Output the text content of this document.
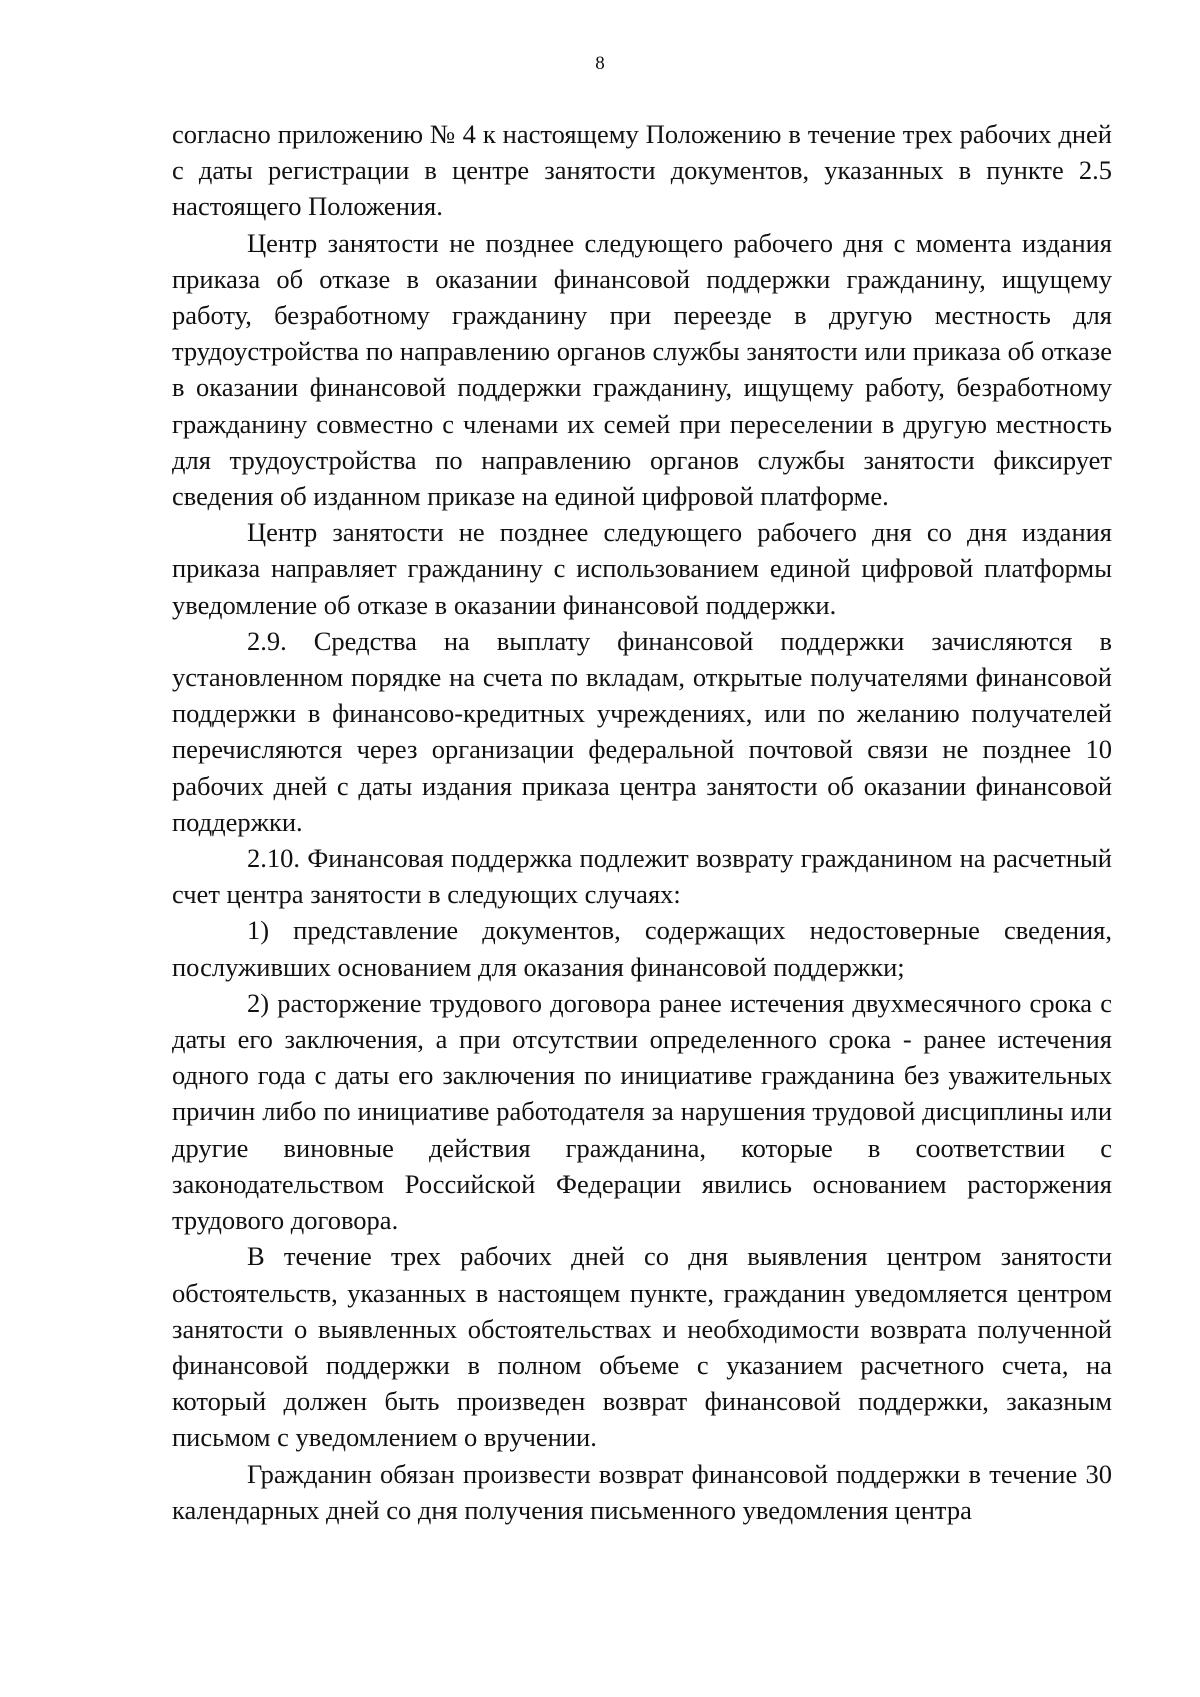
8

согласно приложению № 4 к настоящему Положению в течение трех рабочих дней с даты регистрации в центре занятости документов, указанных в пункте 2.5 настоящего Положения.

Центр занятости не позднее следующего рабочего дня с момента издания приказа об отказе в оказании финансовой поддержки гражданину, ищущему работу, безработному гражданину при переезде в другую местность для трудоустройства по направлению органов службы занятости или приказа об отказе в оказании финансовой поддержки гражданину, ищущему работу, безработному гражданину совместно с членами их семей при переселении в другую местность для трудоустройства по направлению органов службы занятости фиксирует сведения об изданном приказе на единой цифровой платформе.

Центр занятости не позднее следующего рабочего дня со дня издания приказа направляет гражданину с использованием единой цифровой платформы уведомление об отказе в оказании финансовой поддержки.

2.9. Средства на выплату финансовой поддержки зачисляются в установленном порядке на счета по вкладам, открытые получателями финансовой поддержки в финансово-кредитных учреждениях, или по желанию получателей перечисляются через организации федеральной почтовой связи не позднее 10 рабочих дней с даты издания приказа центра занятости об оказании финансовой поддержки.

2.10. Финансовая поддержка подлежит возврату гражданином на расчетный счет центра занятости в следующих случаях:

1) представление документов, содержащих недостоверные сведения, послуживших основанием для оказания финансовой поддержки;

2) расторжение трудового договора ранее истечения двухмесячного срока с даты его заключения, а при отсутствии определенного срока - ранее истечения одного года с даты его заключения по инициативе гражданина без уважительных причин либо по инициативе работодателя за нарушения трудовой дисциплины или другие виновные действия гражданина, которые в соответствии с законодательством Российской Федерации явились основанием расторжения трудового договора.

В течение трех рабочих дней со дня выявления центром занятости обстоятельств, указанных в настоящем пункте, гражданин уведомляется центром занятости о выявленных обстоятельствах и необходимости возврата полученной финансовой поддержки в полном объеме с указанием расчетного счета, на который должен быть произведен возврат финансовой поддержки, заказным письмом с уведомлением о вручении.

Гражданин обязан произвести возврат финансовой поддержки в течение 30 календарных дней со дня получения письменного уведомления центра
